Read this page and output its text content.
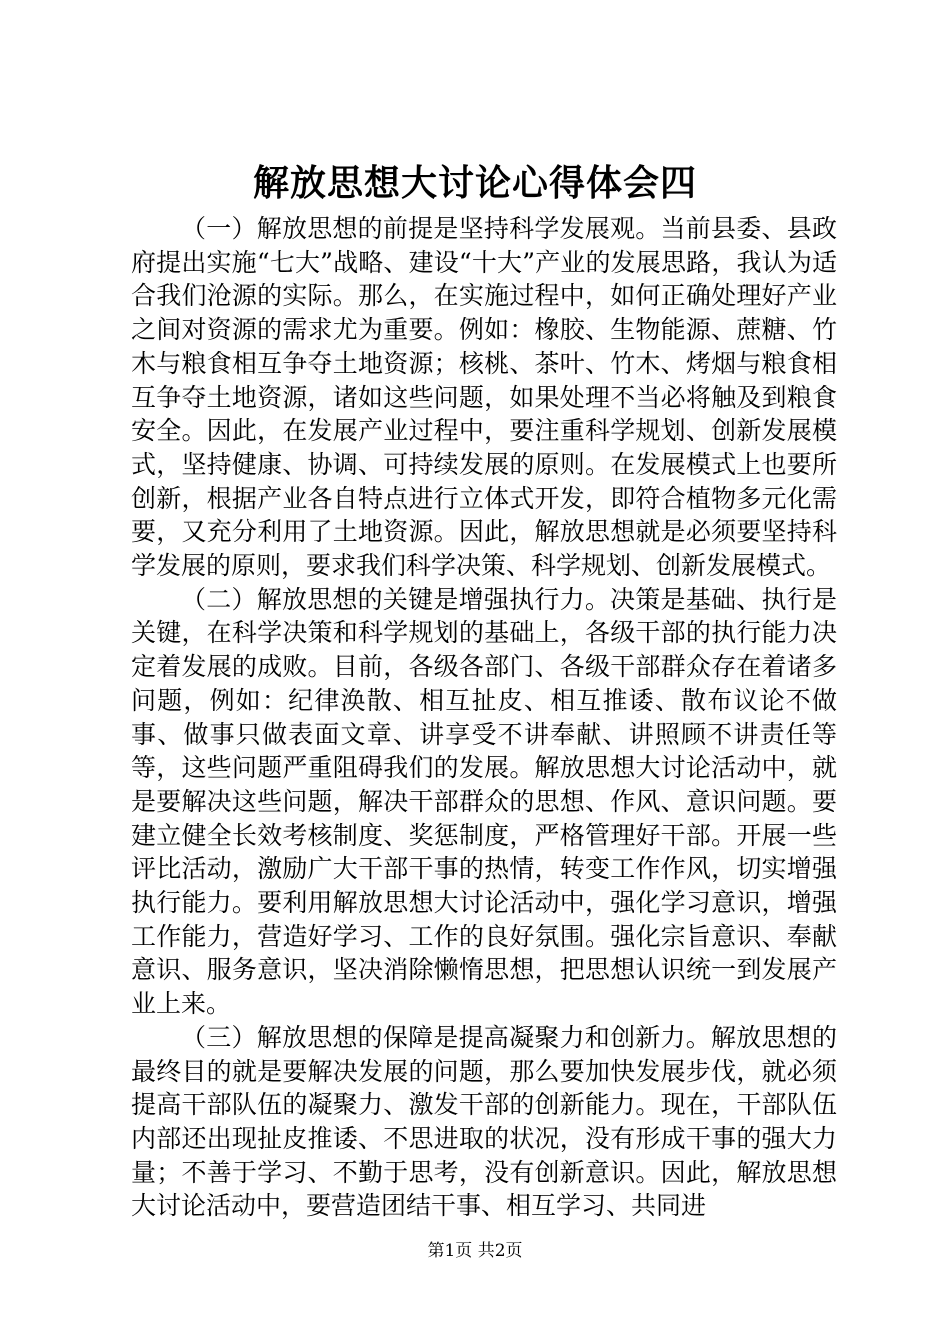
解放思想大讨论心得体会四

（一）解放思想的前提是坚持科学发展观。当前县委、县政府提出实施“七大”战略、建设“十大”产业的发展思路，我认为适合我们沧源的实际。那么，在实施过程中，如何正确处理好产业之间对资源的需求尤为重要。例如：橡胶、生物能源、蔗糖、竹木与粮食相互争夺土地资源；核桃、茶叶、竹木、烤烟与粮食相互争夺土地资源，诸如这些问题，如果处理不当必将触及到粮食安全。因此，在发展产业过程中，要注重科学规划、创新发展模式，坚持健康、协调、可持续发展的原则。在发展模式上也要所创新，根据产业各自特点进行立体式开发，即符合植物多元化需要，又充分利用了土地资源。因此，解放思想就是必须要坚持科学发展的原则，要求我们科学决策、科学规划、创新发展模式。

（二）解放思想的关键是增强执行力。决策是基础、执行是关键，在科学决策和科学规划的基础上，各级干部的执行能力决定着发展的成败。目前，各级各部门、各级干部群众存在着诸多问题，例如：纪律涣散、相互扯皮、相互推诿、散布议论不做事、做事只做表面文章、讲享受不讲奉献、讲照顾不讲责任等等，这些问题严重阻碍我们的发展。解放思想大讨论活动中，就是要解决这些问题，解决干部群众的思想、作风、意识问题。要建立健全长效考核制度、奖惩制度，严格管理好干部。开展一些评比活动，激励广大干部干事的热情，转变工作作风，切实增强执行能力。要利用解放思想大讨论活动中，强化学习意识，增强工作能力，营造好学习、工作的良好氛围。强化宗旨意识、奉献意识、服务意识，坚决消除懒惰思想，把思想认识统一到发展产业上来。

（三）解放思想的保障是提高凝聚力和创新力。解放思想的最终目的就是要解决发展的问题，那么要加快发展步伐，就必须提高干部队伍的凝聚力、激发干部的创新能力。现在，干部队伍内部还出现扯皮推诿、不思进取的状况，没有形成干事的强大力量；不善于学习、不勤于思考，没有创新意识。因此，解放思想大讨论活动中，要营造团结干事、相互学习、共同进

第1页 共2页
